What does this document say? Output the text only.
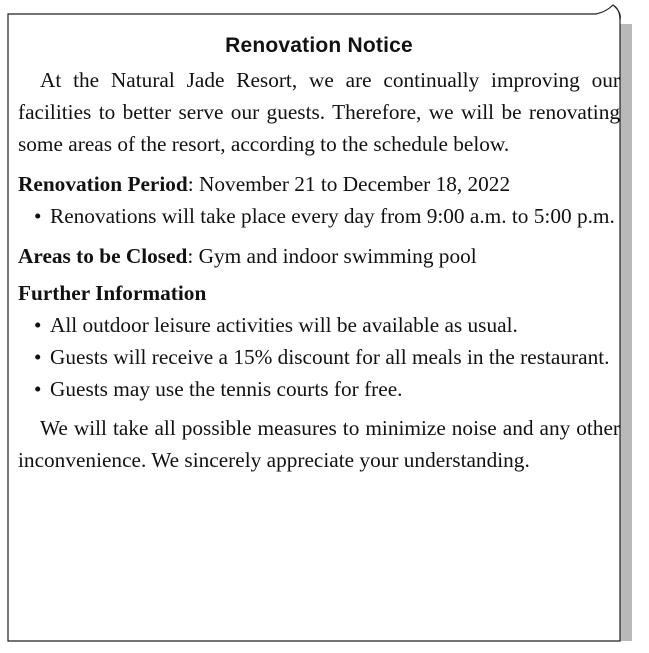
Renovation Notice

At the Natural Jade Resort, we are continually improving our facilities to better serve our guests. Therefore, we will be renovating some areas of the resort, according to the schedule below.

Renovation Period: November 21 to December 18, 2022
• Renovations will take place every day from 9:00 a.m. to 5:00 p.m.
Areas to be Closed: Gym and indoor swimming pool
Further Information
• All outdoor leisure activities will be available as usual.
• Guests will receive a 15% discount for all meals in the restaurant.
• Guests may use the tennis courts for free.

We will take all possible measures to minimize noise and any other inconvenience. We sincerely appreciate your understanding.
